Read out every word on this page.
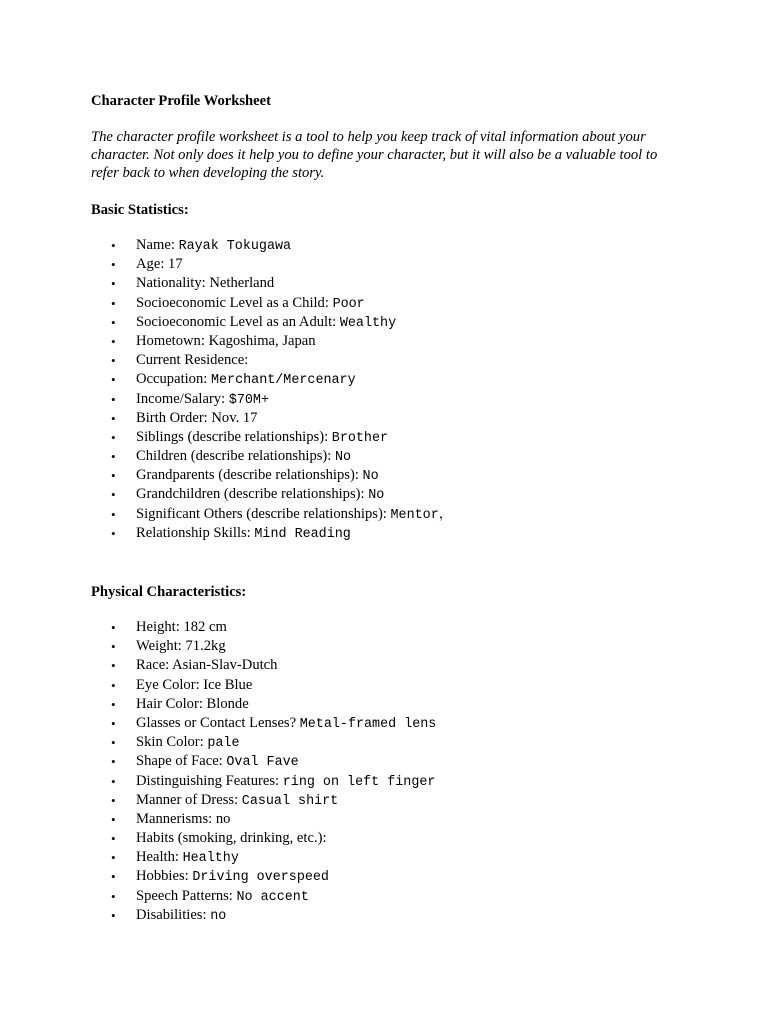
Character Profile Worksheet
The character profile worksheet is a tool to help you keep track of vital information about your character. Not only does it help you to define your character, but it will also be a valuable tool to refer back to when developing the story.
Basic Statistics:
• Name: Rayak Tokugawa
• Age: 17
• Nationality: Netherland
• Socioeconomic Level as a Child: Poor
• Socioeconomic Level as an Adult: Wealthy
• Hometown: Kagoshima, Japan
• Current Residence:
• Occupation: Merchant/Mercenary
• Income/Salary: $70M+
• Birth Order: Nov. 17
• Siblings (describe relationships): Brother
• Children (describe relationships): No
• Grandparents (describe relationships): No
• Grandchildren (describe relationships): No
• Significant Others (describe relationships): Mentor，
• Relationship Skills: Mind Reading
Physical Characteristics:
• Height: 182 cm
• Weight: 71.2kg
• Race: Asian-Slav-Dutch
• Eye Color: Ice Blue
• Hair Color: Blonde
• Glasses or Contact Lenses? Metal-framed lens
• Skin Color: pale
• Shape of Face: Oval Fave
• Distinguishing Features: ring on left finger
• Manner of Dress: Casual shirt
• Mannerisms: no
• Habits (smoking, drinking, etc.):
• Health: Healthy
• Hobbies: Driving overspeed
• Speech Patterns: No accent
• Disabilities: no
